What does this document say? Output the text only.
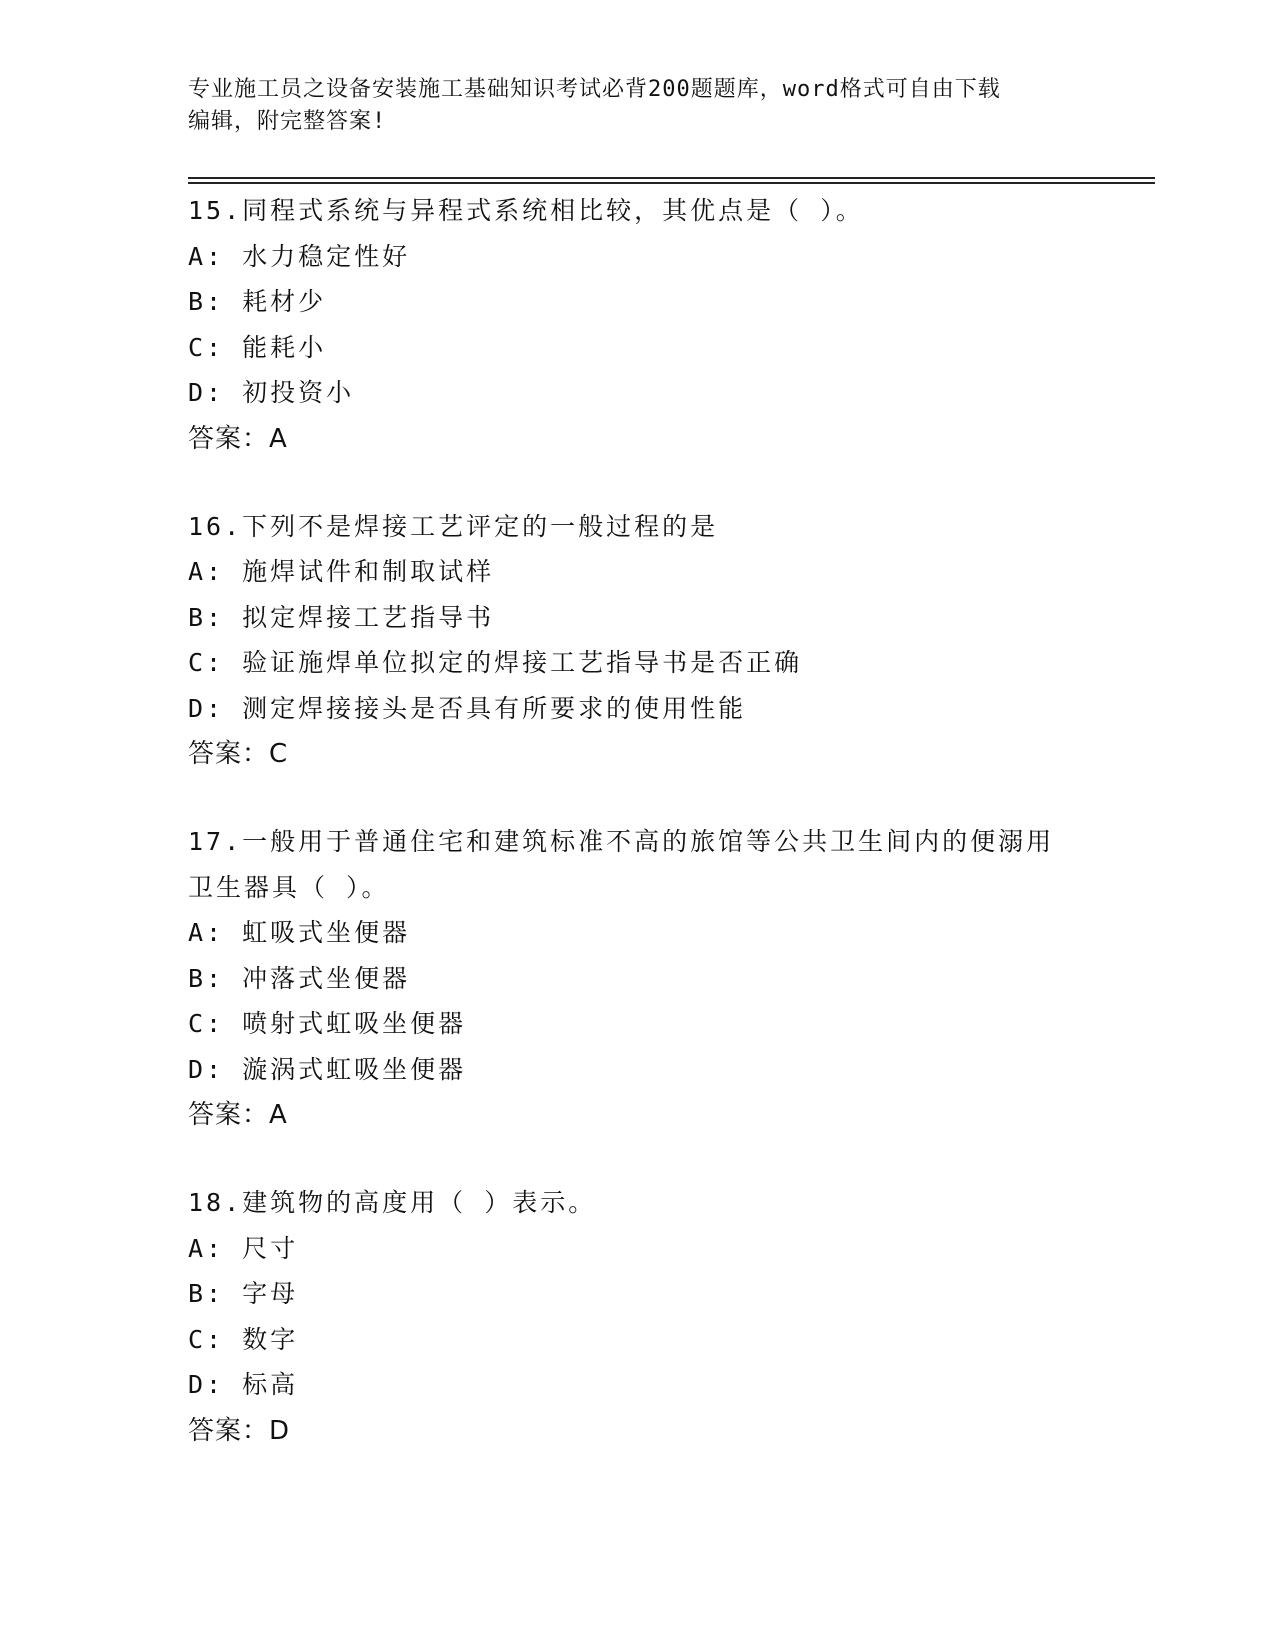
专业施工员之设备安装施工基础知识考试必背200题题库，word格式可自由下载
编辑，附完整答案!
15.同程式系统与异程式系统相比较，其优点是（ ）。
A: 水力稳定性好
B: 耗材少
C: 能耗小
D: 初投资小
答案：A
16.下列不是焊接工艺评定的一般过程的是
A: 施焊试件和制取试样
B: 拟定焊接工艺指导书
C: 验证施焊单位拟定的焊接工艺指导书是否正确
D: 测定焊接接头是否具有所要求的使用性能
答案：C
17.一般用于普通住宅和建筑标准不高的旅馆等公共卫生间内的便溺用
卫生器具（ ）。
A: 虹吸式坐便器
B: 冲落式坐便器
C: 喷射式虹吸坐便器
D: 漩涡式虹吸坐便器
答案：A
18.建筑物的高度用（ ）表示。
A: 尺寸
B: 字母
C: 数字
D: 标高
答案：D
